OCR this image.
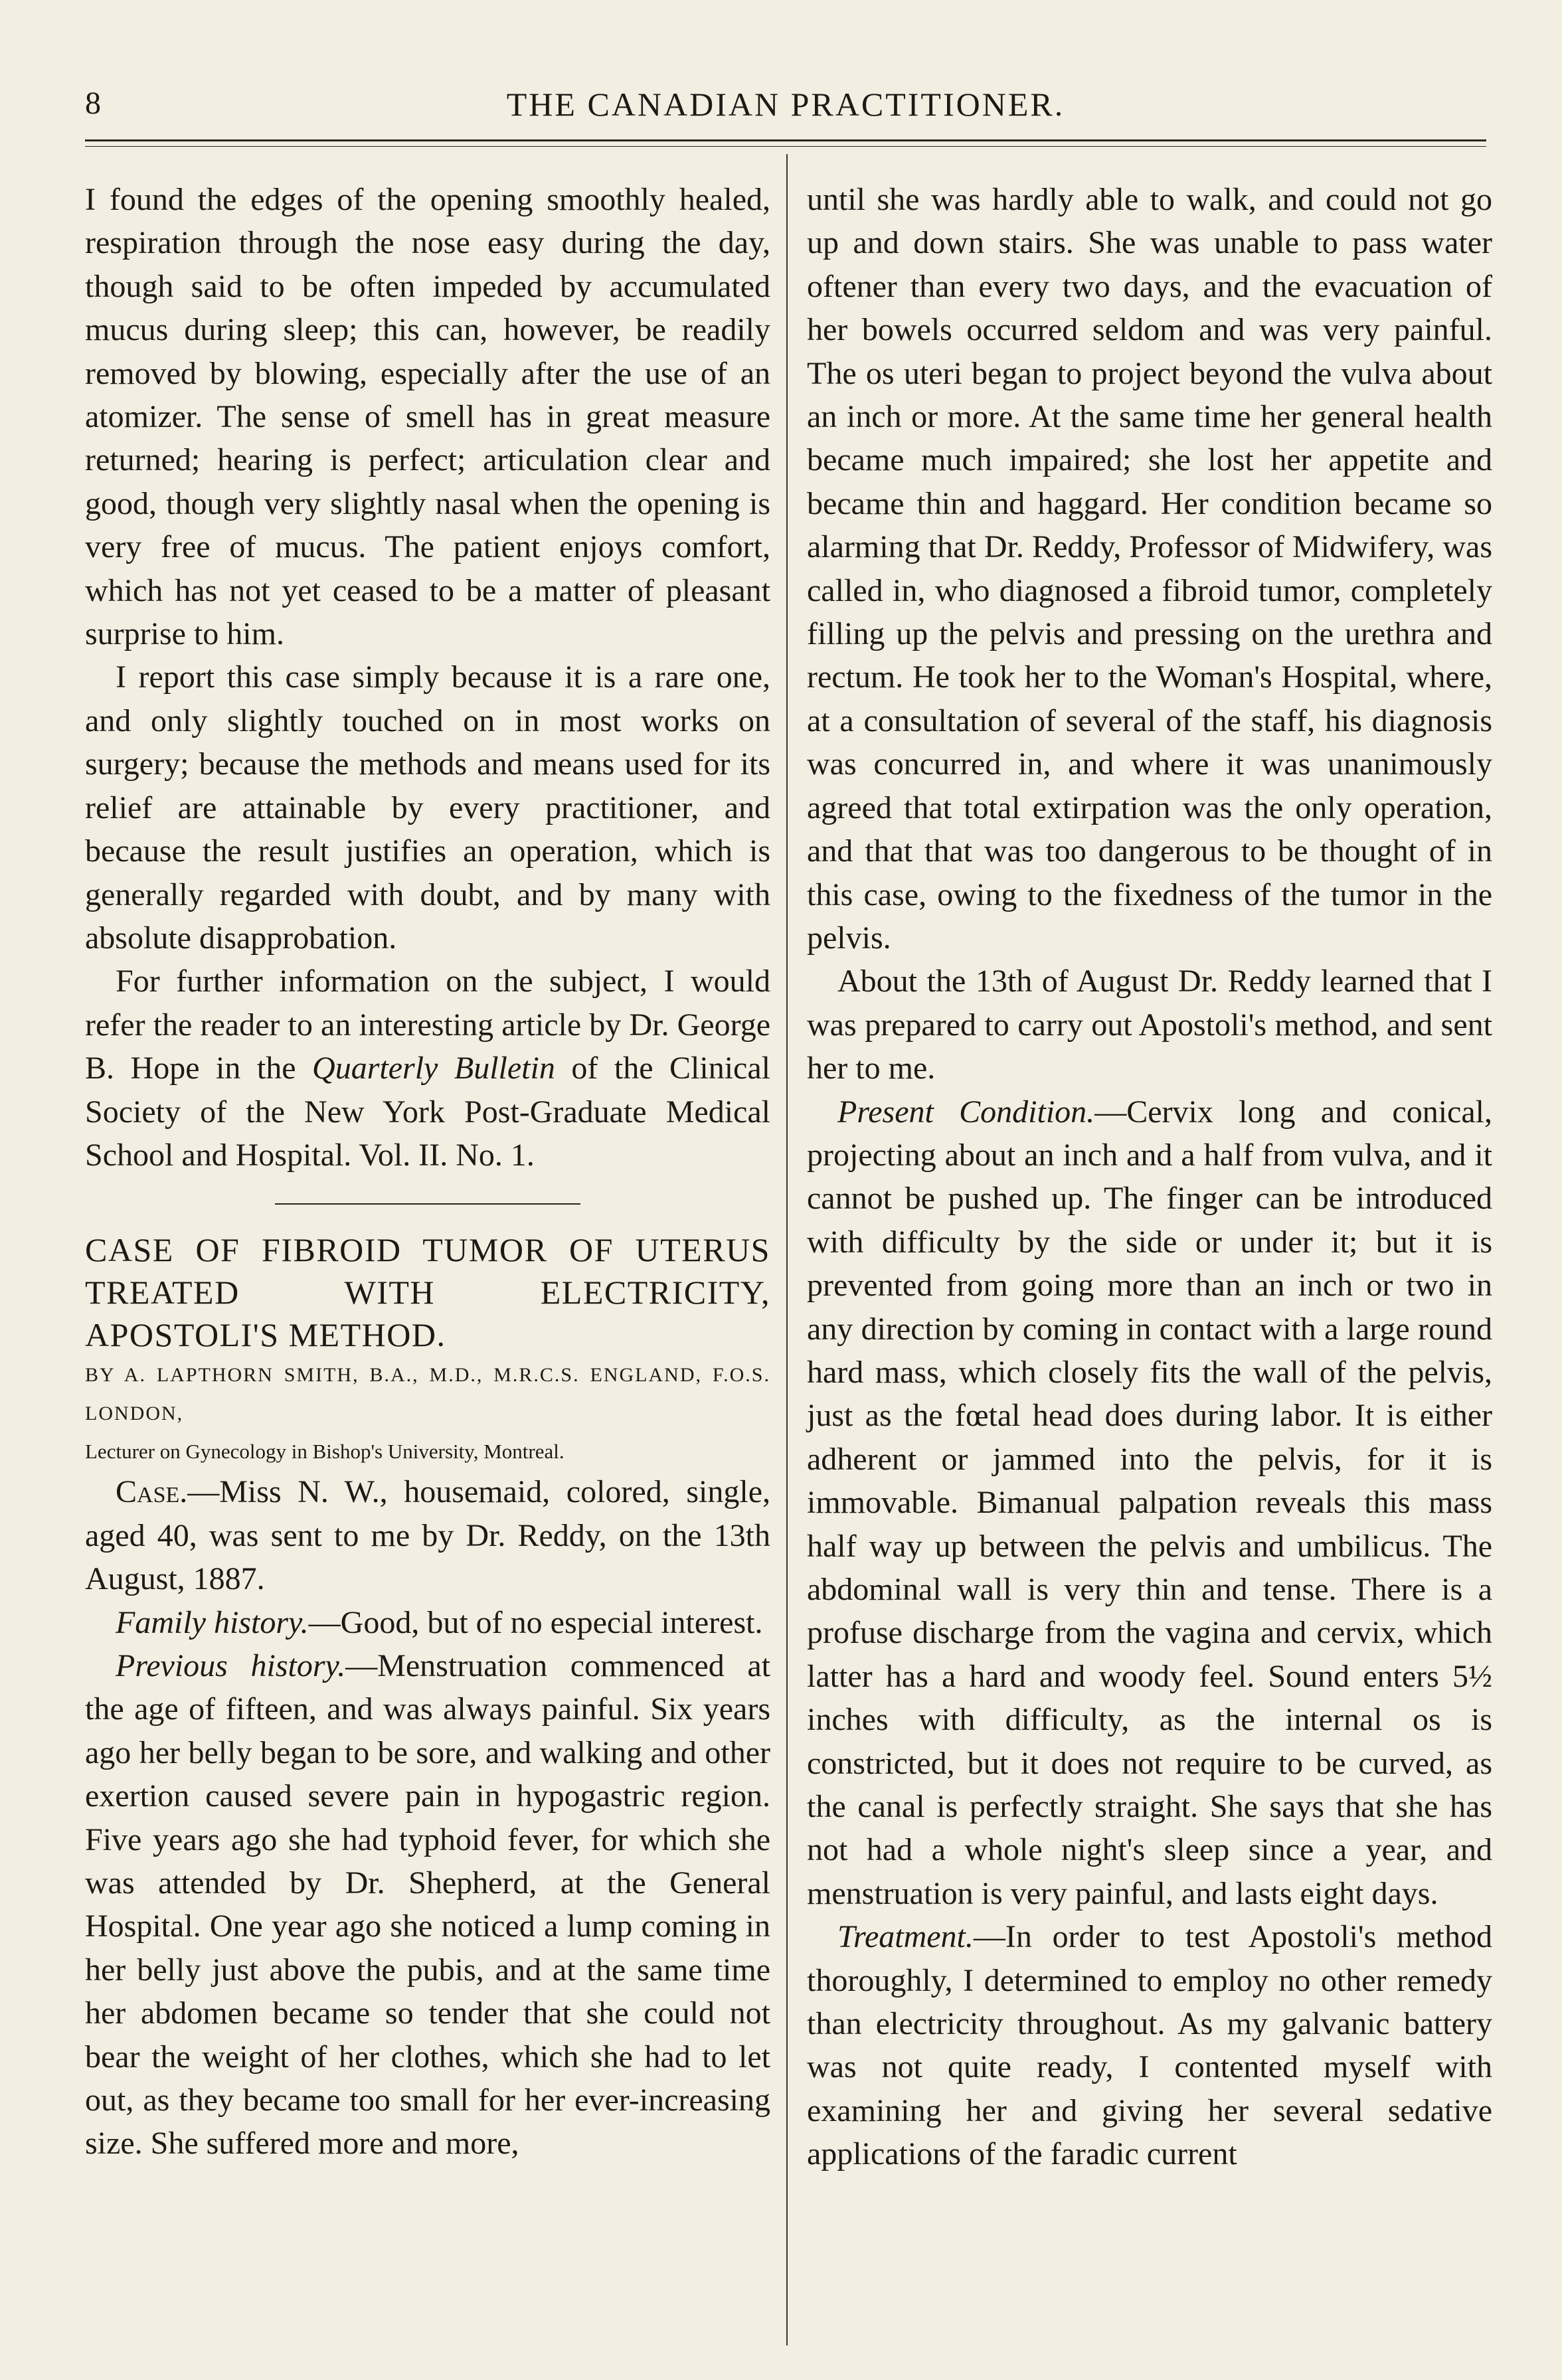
8	THE CANADIAN PRACTITIONER.

I found the edges of the opening smoothly healed, respiration through the nose easy during the day, though said to be often impeded by accumulated mucus during sleep; this can, however, be readily removed by blowing, especially after the use of an atomizer. The sense of smell has in great measure returned; hearing is perfect; articulation clear and good, though very slightly nasal when the opening is very free of mucus. The patient enjoys comfort, which has not yet ceased to be a matter of pleasant surprise to him.

I report this case simply because it is a rare one, and only slightly touched on in most works on surgery; because the methods and means used for its relief are attainable by every practitioner, and because the result justifies an operation, which is generally regarded with doubt, and by many with absolute disapprobation.

For further information on the subject, I would refer the reader to an interesting article by Dr. George B. Hope in the Quarterly Bulletin of the Clinical Society of the New York Post-Graduate Medical School and Hospital. Vol. II. No. 1.

CASE OF FIBROID TUMOR OF UTERUS TREATED WITH ELECTRICITY, APOSTOLI'S METHOD.

BY A. LAPTHORN SMITH, B.A., M.D., M.R.C.S. ENGLAND, F.O.S. LONDON,

Lecturer on Gynecology in Bishop's University, Montreal.

Case.—Miss N. W., housemaid, colored, single, aged 40, was sent to me by Dr. Reddy, on the 13th August, 1887.

Family history.—Good, but of no especial interest.

Previous history.—Menstruation commenced at the age of fifteen, and was always painful. Six years ago her belly began to be sore, and walking and other exertion caused severe pain in hypogastric region. Five years ago she had typhoid fever, for which she was attended by Dr. Shepherd, at the General Hospital. One year ago she noticed a lump coming in her belly just above the pubis, and at the same time her abdomen became so tender that she could not bear the weight of her clothes, which she had to let out, as they became too small for her ever-increasing size. She suffered more and more,

until she was hardly able to walk, and could not go up and down stairs. She was unable to pass water oftener than every two days, and the evacuation of her bowels occurred seldom and was very painful. The os uteri began to project beyond the vulva about an inch or more. At the same time her general health became much impaired; she lost her appetite and became thin and haggard. Her condition became so alarming that Dr. Reddy, Professor of Midwifery, was called in, who diagnosed a fibroid tumor, completely filling up the pelvis and pressing on the urethra and rectum. He took her to the Woman's Hospital, where, at a consultation of several of the staff, his diagnosis was concurred in, and where it was unanimously agreed that total extirpation was the only operation, and that that was too dangerous to be thought of in this case, owing to the fixedness of the tumor in the pelvis.

About the 13th of August Dr. Reddy learned that I was prepared to carry out Apostoli's method, and sent her to me.

Present Condition.—Cervix long and conical, projecting about an inch and a half from vulva, and it cannot be pushed up. The finger can be introduced with difficulty by the side or under it; but it is prevented from going more than an inch or two in any direction by coming in contact with a large round hard mass, which closely fits the wall of the pelvis, just as the fœtal head does during labor. It is either adherent or jammed into the pelvis, for it is immovable. Bimanual palpation reveals this mass half way up between the pelvis and umbilicus. The abdominal wall is very thin and tense. There is a profuse discharge from the vagina and cervix, which latter has a hard and woody feel. Sound enters 5½ inches with difficulty, as the internal os is constricted, but it does not require to be curved, as the canal is perfectly straight. She says that she has not had a whole night's sleep since a year, and menstruation is very painful, and lasts eight days.

Treatment.—In order to test Apostoli's method thoroughly, I determined to employ no other remedy than electricity throughout. As my galvanic battery was not quite ready, I contented myself with examining her and giving her several sedative applications of the faradic current
